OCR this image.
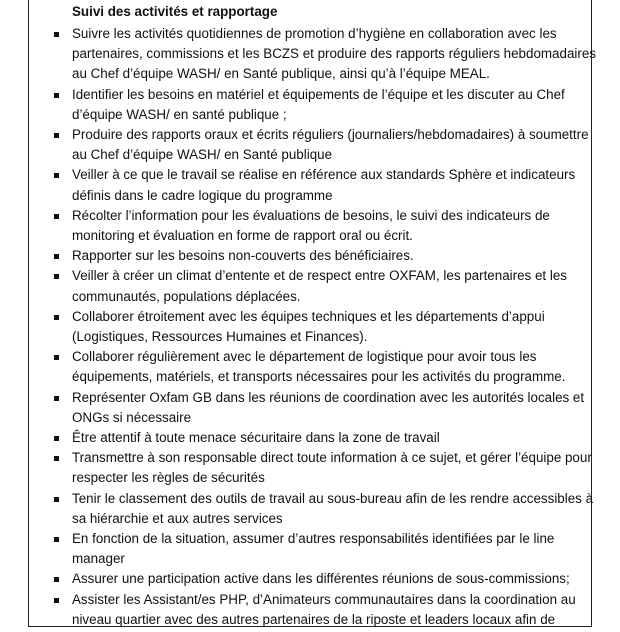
Suivi des activités et rapportage
Suivre les activités quotidiennes de promotion d’hygiène en collaboration avec les
partenaires, commissions et les BCZS et produire des rapports réguliers hebdomadaires
au Chef d’équipe WASH/ en Santé publique, ainsi qu’à l’équipe MEAL.
Identifier les besoins en matériel et équipements de l’équipe et les discuter au Chef
d’équipe WASH/ en santé publique ;
Produire des rapports oraux et écrits réguliers (journaliers/hebdomadaires) à soumettre
au Chef d’équipe WASH/ en Santé publique
Veiller à ce que le travail se réalise en référence aux standards Sphère et indicateurs
définis dans le cadre logique du programme
Récolter l’information pour les évaluations de besoins, le suivi des indicateurs de
monitoring et évaluation en forme de rapport oral ou écrit.
Rapporter sur les besoins non-couverts des bénéficiaires.
Veiller à créer un climat d’entente et de respect entre OXFAM, les partenaires et les
communautés, populations déplacées.
Collaborer étroitement avec les équipes techniques et les départements d’appui
(Logistiques, Ressources Humaines et Finances).
Collaborer régulièrement avec le département de logistique pour avoir tous les
équipements, matériels, et transports nécessaires pour les activités du programme.
Représenter Oxfam GB dans les réunions de coordination avec les autorités locales et
ONGs si nécessaire
Être attentif à toute menace sécuritaire dans la zone de travail
Transmettre à son responsable direct toute information à ce sujet, et gérer l’équipe pour
respecter les règles de sécurités
Tenir le classement des outils de travail au sous-bureau afin de les rendre accessibles à
sa hiérarchie et aux autres services
En fonction de la situation, assumer d’autres responsabilités identifiées par le line
manager
Assurer une participation active dans les différentes réunions de sous-commissions;
Assister les Assistant/es PHP, d’Animateurs communautaires dans la coordination au
niveau quartier avec des autres partenaires de la riposte et leaders locaux afin de
